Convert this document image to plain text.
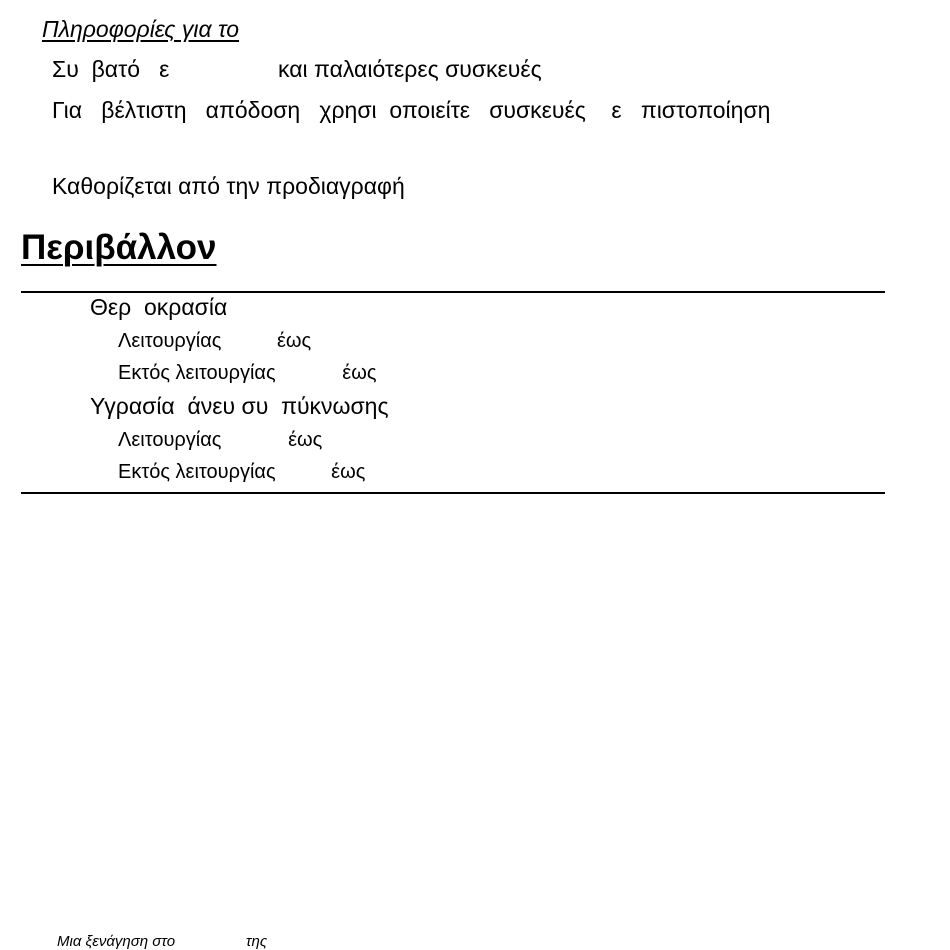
Πληροφορίες για το
Συ  βατό   ε                 και παλαιότερες συσκευές
Για   βέλτιστη   απόδοση   χρησι  οποιείτε   συσκευές    ε   πιστοποίηση
Καθορίζεται από την προδιαγραφή
Περιβάλλον
Θερ  οκρασία
Λειτουργίας          έως
Εκτός λειτουργίας            έως
Υγρασία  άνευ συ  πύκνωσης
Λειτουργίας            έως
Εκτός λειτουργίας          έως
Μια ξενάγηση στο                 της
